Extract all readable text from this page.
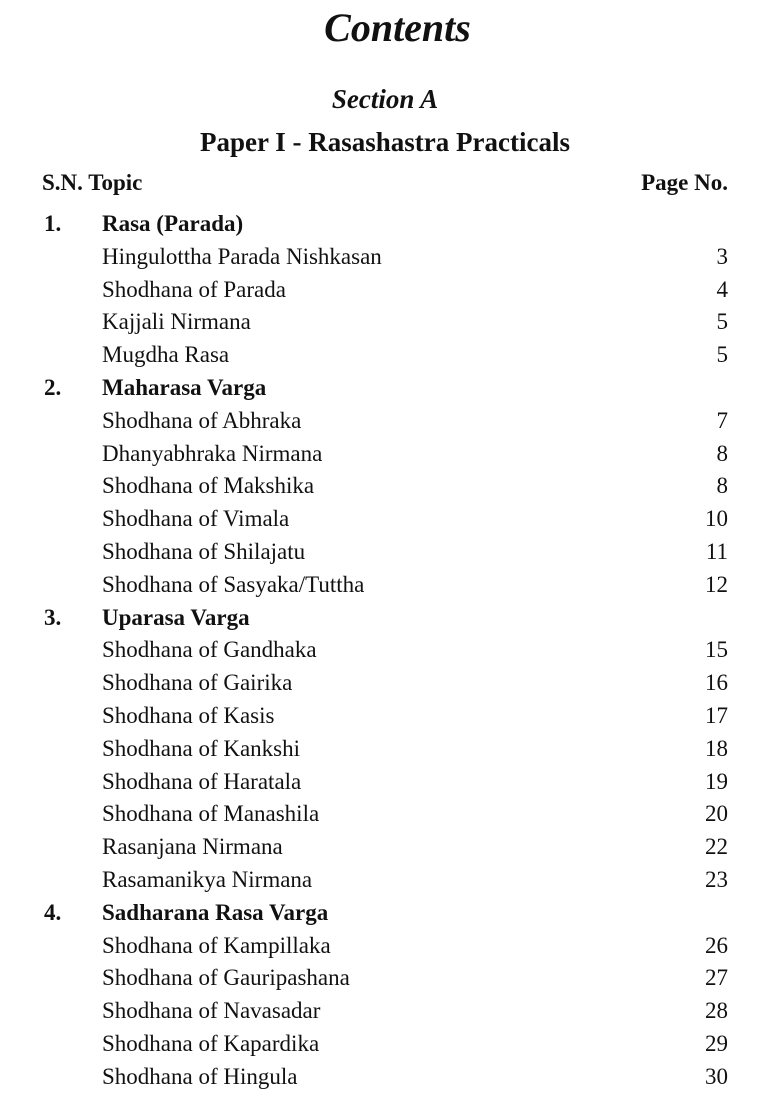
Contents
Section A
Paper I - Rasashastra Practicals
S.N. Topic	Page No.
1. Rasa (Parada)
Hingulottha Parada Nishkasan	3
Shodhana of Parada	4
Kajjali Nirmana	5
Mugdha Rasa	5
2. Maharasa Varga
Shodhana of Abhraka	7
Dhanyabhraka Nirmana	8
Shodhana of Makshika	8
Shodhana of Vimala	10
Shodhana of Shilajatu	11
Shodhana of Sasyaka/Tuttha	12
3. Uparasa Varga
Shodhana of Gandhaka	15
Shodhana of Gairika	16
Shodhana of Kasis	17
Shodhana of Kankshi	18
Shodhana of Haratala	19
Shodhana of Manashila	20
Rasanjana Nirmana	22
Rasamanikya Nirmana	23
4. Sadharana Rasa Varga
Shodhana of Kampillaka	26
Shodhana of Gauripashana	27
Shodhana of Navasadar	28
Shodhana of Kapardika	29
Shodhana of Hingula	30
